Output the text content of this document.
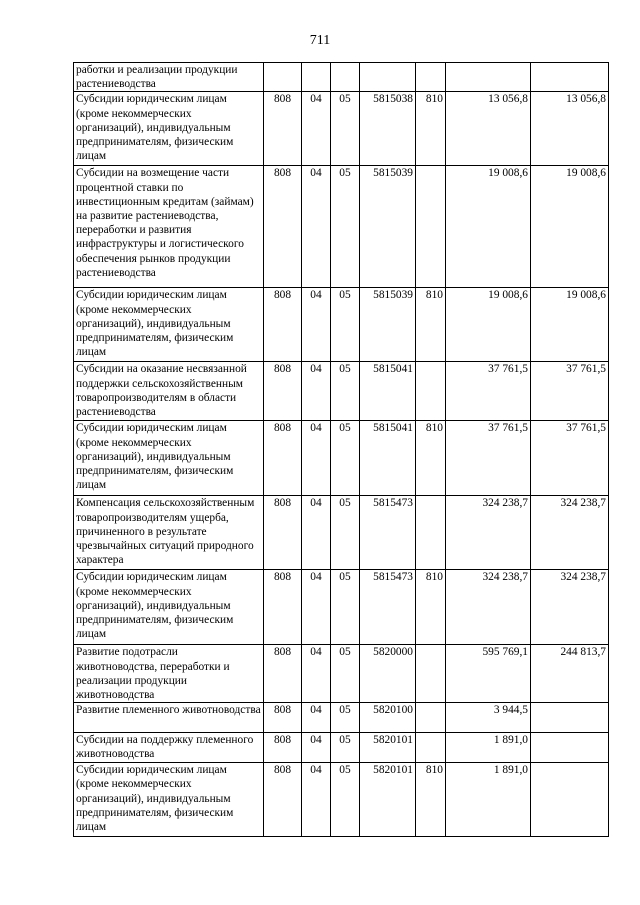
711
работки и реализации продукции растениеводства							
Субсидии юридическим лицам (кроме некоммерческих организаций), индивидуальным предпринимателям, физическим лицам	808	04	05	5815038	810	13 056,8	13 056,8
Субсидии на возмещение части процентной ставки по инвестиционным кредитам (займам) на развитие растениеводства, переработки и развития инфраструктуры и логистического обеспечения рынков продукции растениеводства	808	04	05	5815039		19 008,6	19 008,6
Субсидии юридическим лицам (кроме некоммерческих организаций), индивидуальным предпринимателям, физическим лицам	808	04	05	5815039	810	19 008,6	19 008,6
Субсидии на оказание несвязанной поддержки сельскохозяйственным товаропроизводителям в области растениеводства	808	04	05	5815041		37 761,5	37 761,5
Субсидии юридическим лицам (кроме некоммерческих организаций), индивидуальным предпринимателям, физическим лицам	808	04	05	5815041	810	37 761,5	37 761,5
Компенсация сельскохозяйственным товаропроизводителям ущерба, причиненного в результате чрезвычайных ситуаций природного характера	808	04	05	5815473		324 238,7	324 238,7
Субсидии юридическим лицам (кроме некоммерческих организаций), индивидуальным предпринимателям, физическим лицам	808	04	05	5815473	810	324 238,7	324 238,7
Развитие подотрасли животноводства, переработки и реализации продукции животноводства	808	04	05	5820000		595 769,1	244 813,7
Развитие племенного животноводства	808	04	05	5820100		3 944,5	
Субсидии на поддержку племенного животноводства	808	04	05	5820101		1 891,0	
Субсидии юридическим лицам (кроме некоммерческих организаций), индивидуальным предпринимателям, физическим лицам	808	04	05	5820101	810	1 891,0	
